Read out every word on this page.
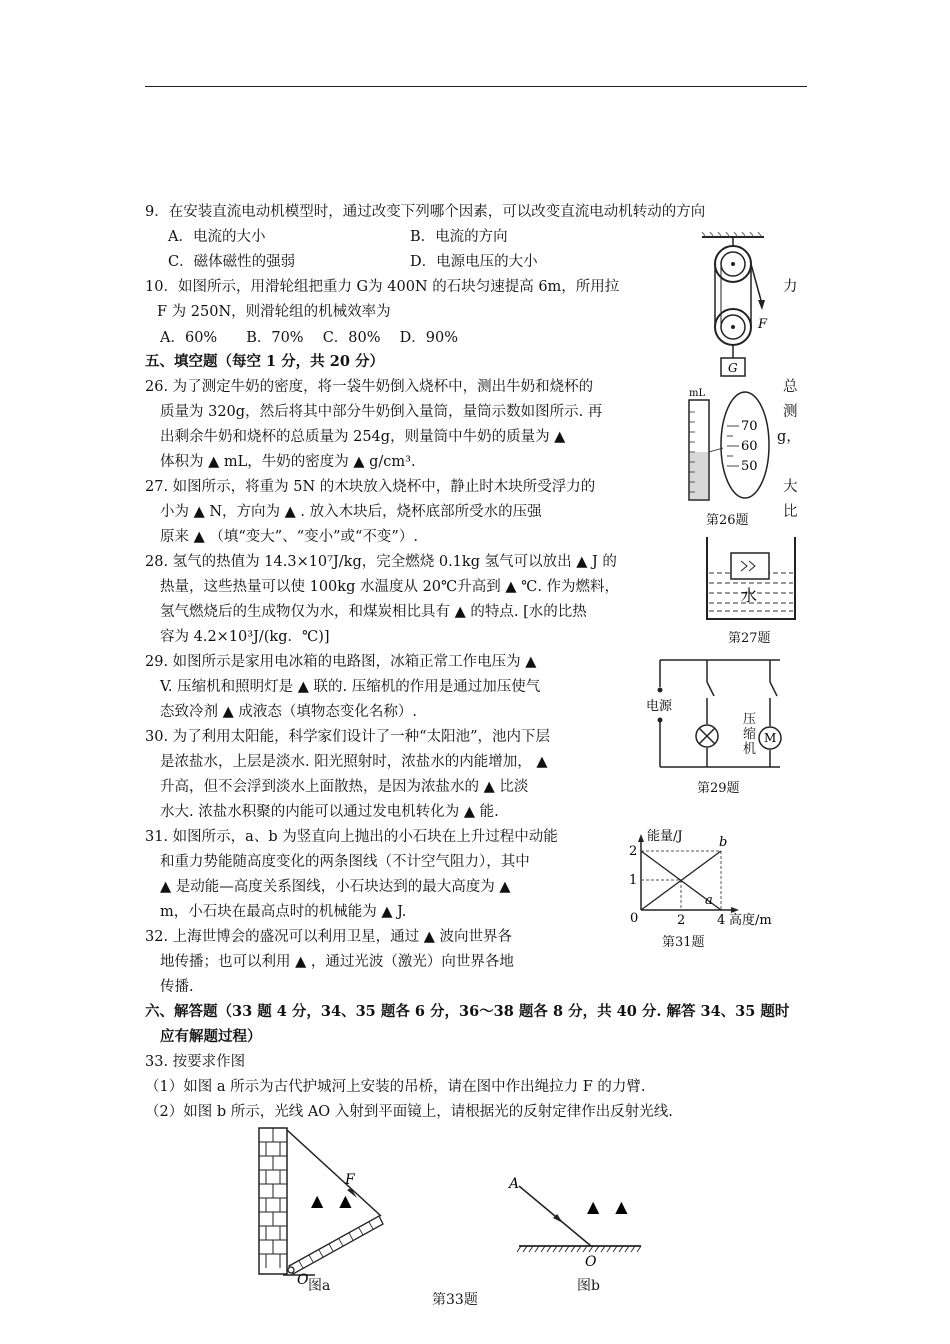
9．在安装直流电动机模型时，通过改变下列哪个因素，可以改变直流电动机转动的方向
A．电流的大小	B．电流的方向
C．磁体磁性的强弱	D．电源电压的大小
10．如图所示，用滑轮组把重力 G为 400N 的石块匀速提高 6m，所用拉	力
F 为 250N，则滑轮组的机械效率为
A．60%　　B．70%　 C．80%　 D．90%
F
G
五、填空题（每空 1 分，共 20 分）
26. 为了测定牛奶的密度，将一袋牛奶倒入烧杯中，测出牛奶和烧杯的	总
质量为 320g，然后将其中部分牛奶倒入量筒，量筒示数如图所示. 再	测
出剩余牛奶和烧杯的总质量为 254g，则量筒中牛奶的质量为 ▲	g，
体积为 ▲ mL，牛奶的密度为 ▲ g/cm³.
mL
70
60
50
第26题
27. 如图所示，将重为 5N 的木块放入烧杯中，静止时木块所受浮力的	大
小为 ▲ N，方向为 ▲ . 放入木块后，烧杯底部所受水的压强	比
原来 ▲ （填“变大”、“变小”或“不变”）.
水
第27题
28. 氢气的热值为 14.3×10⁷J/kg，完全燃烧 0.1kg 氢气可以放出 ▲ J 的
热量，这些热量可以使 100kg 水温度从 20℃升高到 ▲ ℃. 作为燃料，
氢气燃烧后的生成物仅为水，和煤炭相比具有 ▲ 的特点. [水的比热
容为 4.2×10³J/(kg．℃)]
29. 如图所示是家用电冰箱的电路图，冰箱正常工作电压为 ▲
V. 压缩机和照明灯是 ▲ 联的. 压缩机的作用是通过加压使气
态致冷剂 ▲ 成液态（填物态变化名称）.	电源
M
压缩机
第29题
30. 为了利用太阳能，科学家们设计了一种“太阳池”，池内下层
是浓盐水，上层是淡水. 阳光照射时，浓盐水的内能增加， ▲
升高，但不会浮到淡水上面散热，是因为浓盐水的 ▲ 比淡
水大. 浓盐水积聚的内能可以通过发电机转化为 ▲ 能.
31. 如图所示，a、b 为竖直向上抛出的小石块在上升过程中动能
和重力势能随高度变化的两条图线（不计空气阻力），其中
▲ 是动能—高度关系图线，小石块达到的最大高度为 ▲
m，小石块在最高点时的机械能为 ▲ J.
能量/J
高度/m
2
1
0	2 4
a
b
第31题
32. 上海世博会的盛况可以利用卫星，通过 ▲ 波向世界各
地传播；也可以利用 ▲ ，通过光波（激光）向世界各地
传播.
六、解答题（33 题 4 分，34、35 题各 6 分，36～38 题各 8 分，共 40 分. 解答 34、35 题时
应有解题过程）
33. 按要求作图
（1）如图 a 所示为古代护城河上安装的吊桥，请在图中作出绳拉力 F 的力臂.
（2）如图 b 所示，光线 AO 入射到平面镜上，请根据光的反射定律作出反射光线.
F
O
▲　▲
图a
A
O
▲　▲
图b
第33题
